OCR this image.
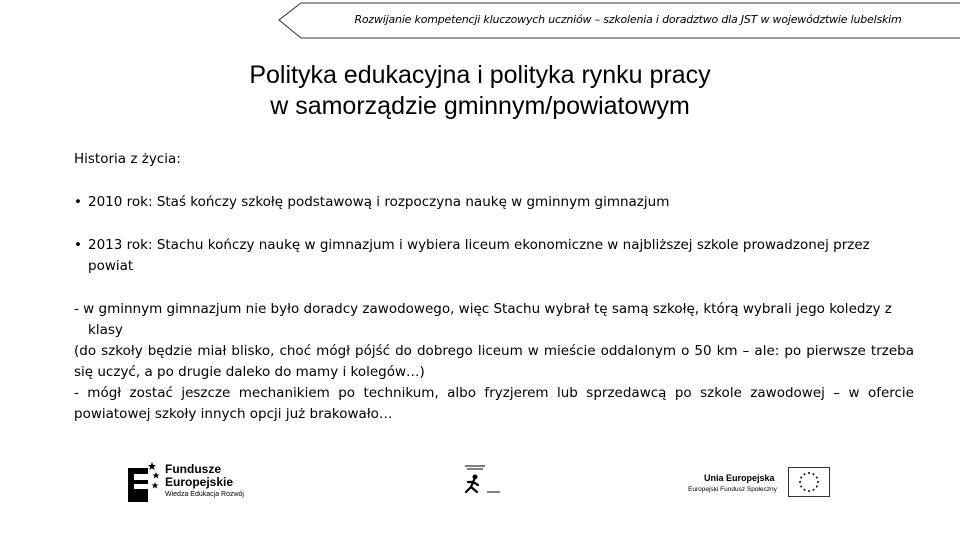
Rozwijanie kompetencji kluczowych uczniów – szkolenia i doradztwo dla JST w województwie lubelskim
Polityka edukacyjna i polityka rynku pracy
w samorządzie gminnym/powiatowym

Historia z życia:

• 2010 rok: Staś kończy szkołę podstawową i rozpoczyna naukę w gminnym gimnazjum

• 2013 rok: Stachu kończy naukę w gimnazjum i wybiera liceum ekonomiczne w najbliższej szkole prowadzonej przez powiat

- w gminnym gimnazjum nie było doradcy zawodowego, więc Stachu wybrał tę samą szkołę, którą wybrali jego koledzy z klasy

(do szkoły będzie miał blisko, choć mógł pójść do dobrego liceum w mieście oddalonym o 50 km – ale: po pierwsze trzeba się uczyć, a po drugie daleko do mamy i kolegów…)

- mógł zostać jeszcze mechanikiem po technikum, albo fryzjerem lub sprzedawcą po szkole zawodowej – w ofercie powiatowej szkoły innych opcji już brakowało…

Fundusze
Europejskie
Wiedza Edukacja Rozwój
Unia Europejska
Europejski Fundusz Społeczny
